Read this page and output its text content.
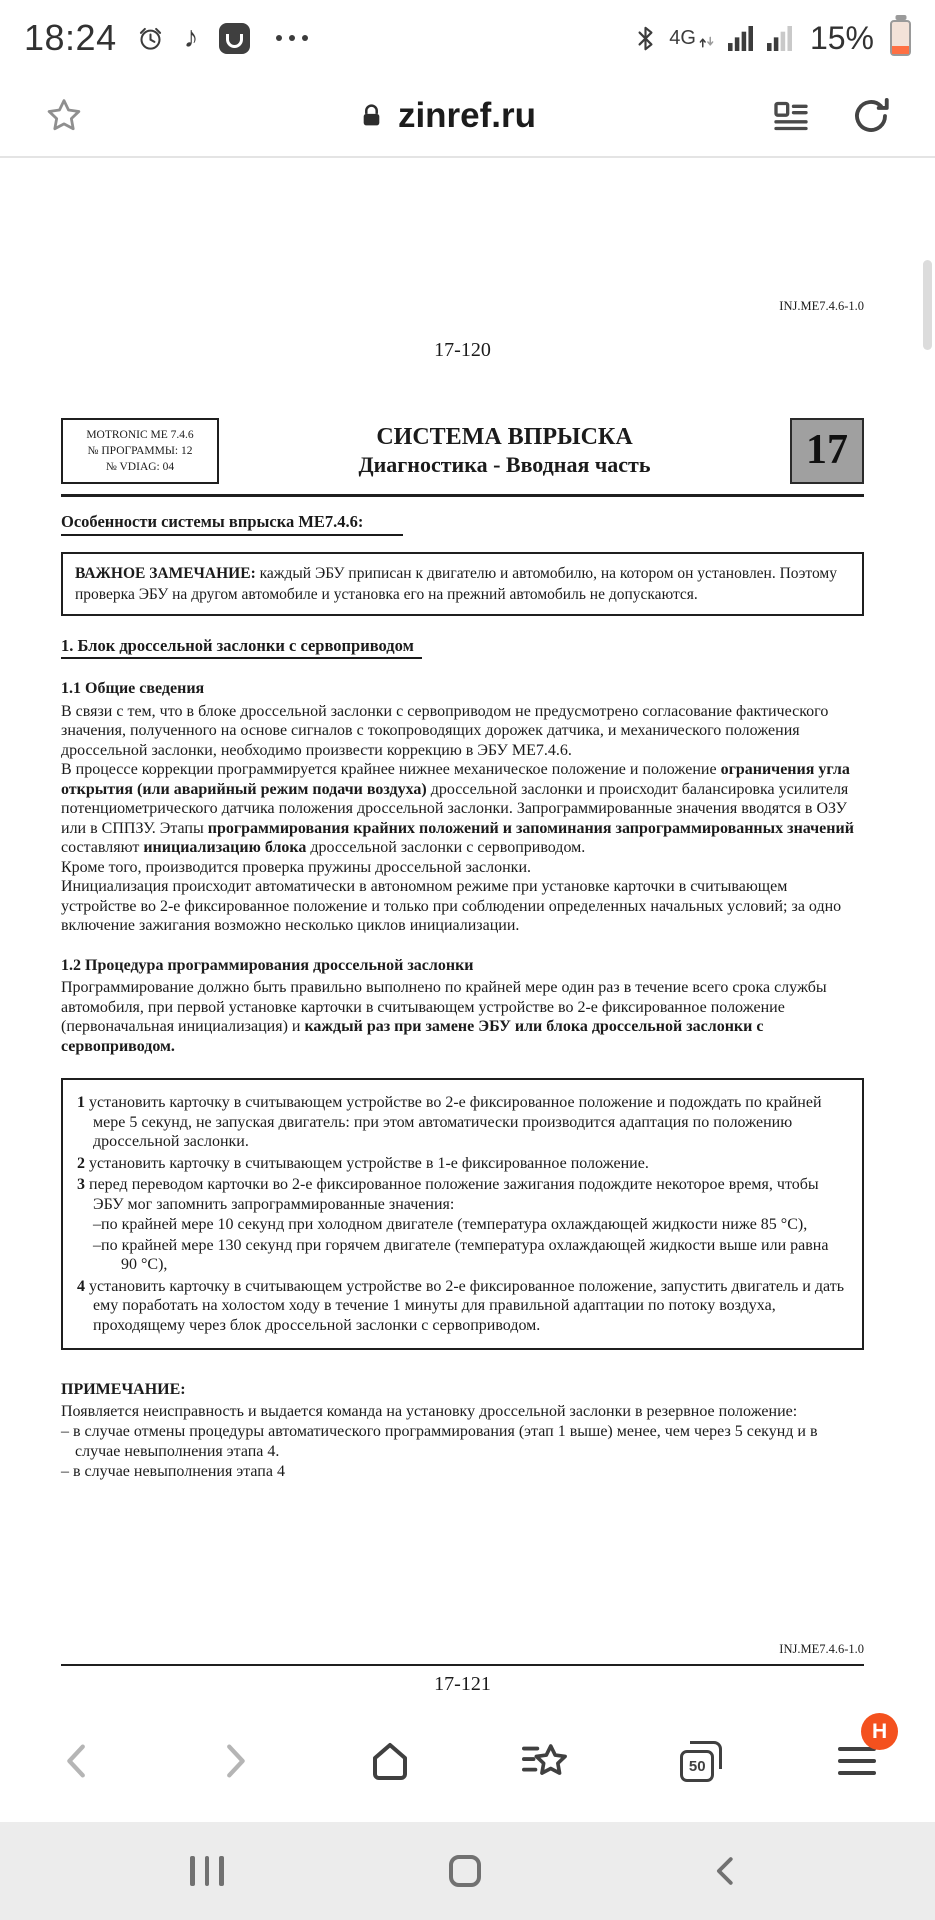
18:24 ♪	4G	15%
zinref.ru
INJ.ME7.4.6-1.0
17-120
MOTRONIC ME 7.4.6
№ ПРОГРАММЫ: 12
№ VDIAG: 04
СИСТЕМА ВПРЫСКА
Диагностика - Вводная часть	17
Особенности системы впрыска ME7.4.6:
ВАЖНОЕ ЗАМЕЧАНИЕ: каждый ЭБУ приписан к двигателю и автомобилю, на котором он установлен. Поэтому проверка ЭБУ на другом автомобиле и установка его на прежний автомобиль не допускаются.
1. Блок дроссельной заслонки с сервоприводом
1.1 Общие сведения

В связи с тем, что в блоке дроссельной заслонки с сервоприводом не предусмотрено согласование фактического значения, полученного на основе сигналов с токопроводящих дорожек датчика, и механического положения дроссельной заслонки, необходимо произвести коррекцию в ЭБУ ME7.4.6.

В процессе коррекции программируется крайнее нижнее механическое положение и положение ограничения угла открытия (или аварийный режим подачи воздуха) дроссельной заслонки и происходит балансировка усилителя потенциометрического датчика положения дроссельной заслонки. Запрограммированные значения вводятся в ОЗУ или в СППЗУ. Этапы программирования крайних положений и запоминания запрограммированных значений составляют инициализацию блока дроссельной заслонки с сервоприводом.

Кроме того, производится проверка пружины дроссельной заслонки.

Инициализация происходит автоматически в автономном режиме при установке карточки в считывающем устройстве во 2-е фиксированное положение и только при соблюдении определенных начальных условий; за одно включение зажигания возможно несколько циклов инициализации.

1.2 Процедура программирования дроссельной заслонки

Программирование должно быть правильно выполнено по крайней мере один раз в течение всего срока службы автомобиля, при первой установке карточки в считывающем устройстве во 2-е фиксированное положение (первоначальная инициализация) и каждый раз при замене ЭБУ или блока дроссельной заслонки с сервоприводом.

1 установить карточку в считывающем устройстве во 2-е фиксированное положение и подождать по крайней мере 5 секунд, не запуская двигатель: при этом автоматически производится адаптация по положению дроссельной заслонки.
2 установить карточку в считывающем устройстве в 1-е фиксированное положение.
3 перед переводом карточки во 2-е фиксированное положение зажигания подождите некоторое время, чтобы ЭБУ мог запомнить запрограммированные значения:
–по крайней мере 10 секунд при холодном двигателе (температура охлаждающей жидкости ниже 85 °C),
–по крайней мере 130 секунд при горячем двигателе (температура охлаждающей жидкости выше или равна 90 °C),
4 установить карточку в считывающем устройстве во 2-е фиксированное положение, запустить двигатель и дать ему поработать на холостом ходу в течение 1 минуты для правильной адаптации по потоку воздуха, проходящему через блок дроссельной заслонки с сервоприводом.
ПРИМЕЧАНИЕ:
Появляется неисправность и выдается команда на установку дроссельной заслонки в резервное положение:
– в случае отмены процедуры автоматического программирования (этап 1 выше) менее, чем через 5 секунд и в случае невыполнения этапа 4.
– в случае невыполнения этапа 4
INJ.ME7.4.6-1.0
17-121
50
H
